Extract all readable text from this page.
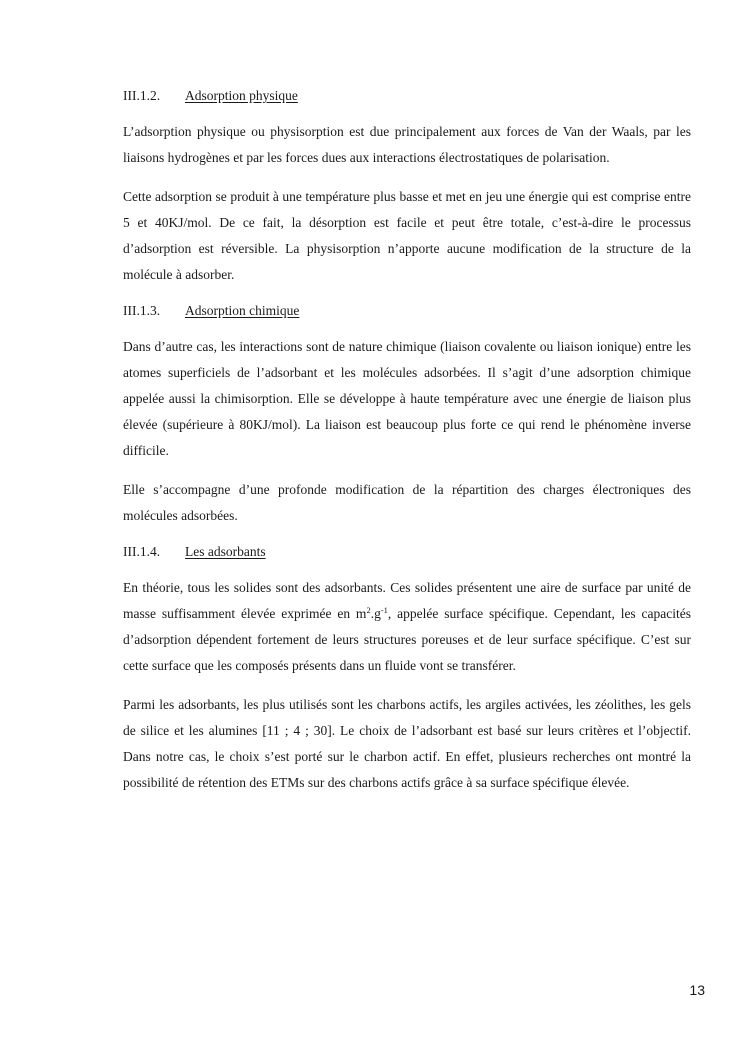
III.1.2. Adsorption physique

L’adsorption physique ou physisorption est due principalement aux forces de Van der Waals, par les liaisons hydrogènes et par les forces dues aux interactions électrostatiques de polarisation.

Cette adsorption se produit à une température plus basse et met en jeu une énergie qui est comprise entre 5 et 40KJ/mol. De ce fait, la désorption est facile et peut être totale, c’est-à-dire le processus d’adsorption est réversible. La physisorption n’apporte aucune modification de la structure de la molécule à adsorber.

III.1.3. Adsorption chimique

Dans d’autre cas, les interactions sont de nature chimique (liaison covalente ou liaison ionique) entre les atomes superficiels de l’adsorbant et les molécules adsorbées. Il s’agit d’une adsorption chimique appelée aussi la chimisorption. Elle se développe à haute température avec une énergie de liaison plus élevée (supérieure à 80KJ/mol). La liaison est beaucoup plus forte ce qui rend le phénomène inverse difficile.

Elle s’accompagne d’une profonde modification de la répartition des charges électroniques des molécules adsorbées.

III.1.4. Les adsorbants

En théorie, tous les solides sont des adsorbants. Ces solides présentent une aire de surface par unité de masse suffisamment élevée exprimée en $m^2.g^{-1}$, appelée surface spécifique. Cependant, les capacités d’adsorption dépendent fortement de leurs structures poreuses et de leur surface spécifique. C’est sur cette surface que les composés présents dans un fluide vont se transférer.

Parmi les adsorbants, les plus utilisés sont les charbons actifs, les argiles activées, les zéolithes, les gels de silice et les alumines [11 ; 4 ; 30]. Le choix de l’adsorbant est basé sur leurs critères et l’objectif. Dans notre cas, le choix s’est porté sur le charbon actif. En effet, plusieurs recherches ont montré la possibilité de rétention des ETMs sur des charbons actifs grâce à sa surface spécifique élevée.

13
